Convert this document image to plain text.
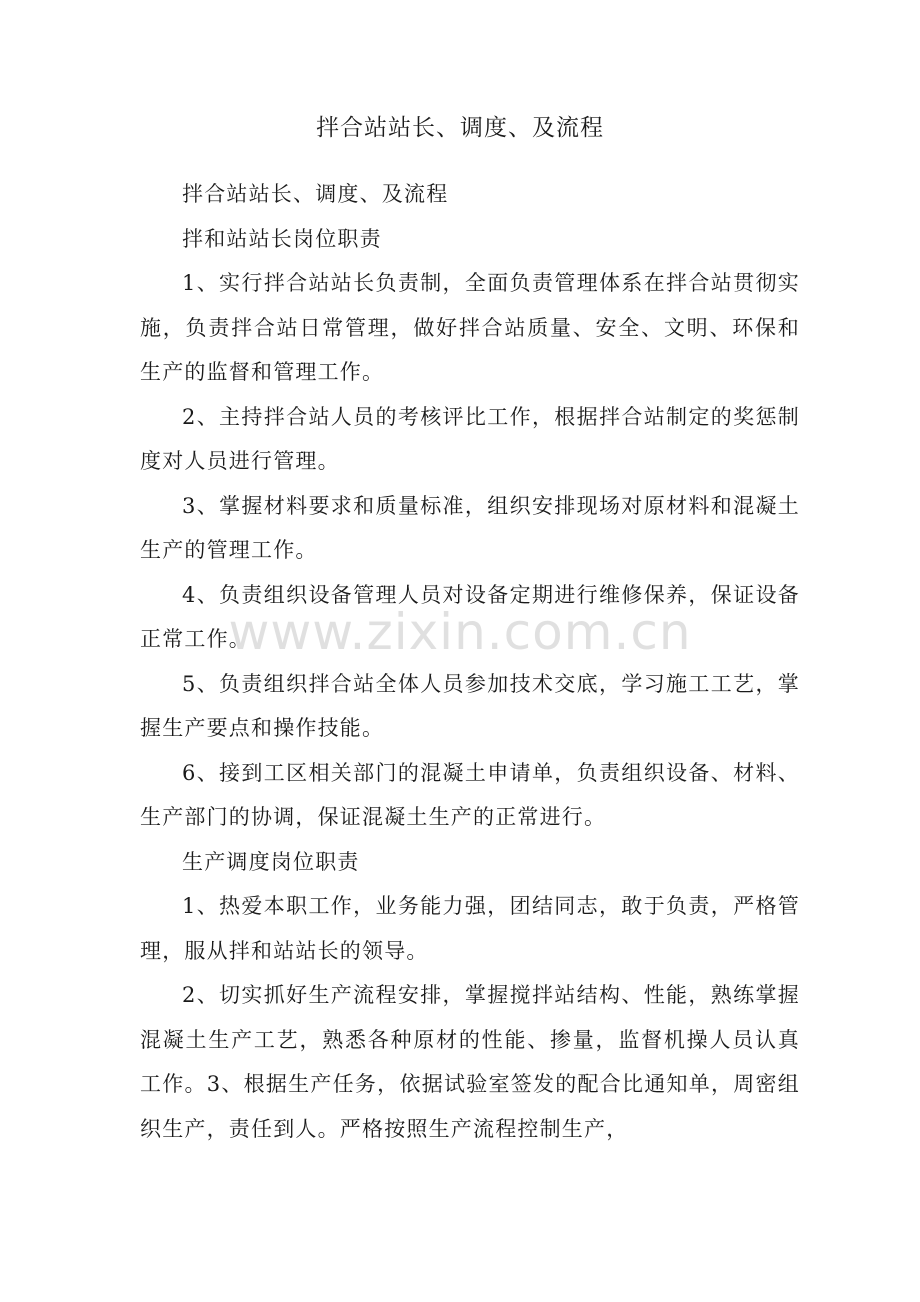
拌合站站长、调度、及流程

拌合站站长、调度、及流程

拌和站站长岗位职责

1、实行拌合站站长负责制，全面负责管理体系在拌合站贯彻实施，负责拌合站日常管理，做好拌合站质量、安全、文明、环保和生产的监督和管理工作。

2、主持拌合站人员的考核评比工作，根据拌合站制定的奖惩制度对人员进行管理。

3、掌握材料要求和质量标准，组织安排现场对原材料和混凝土生产的管理工作。

4、负责组织设备管理人员对设备定期进行维修保养，保证设备正常工作。

5、负责组织拌合站全体人员参加技术交底，学习施工工艺，掌握生产要点和操作技能。

6、接到工区相关部门的混凝土申请单，负责组织设备、材料、生产部门的协调，保证混凝土生产的正常进行。

生产调度岗位职责

1、热爱本职工作，业务能力强，团结同志，敢于负责，严格管理，服从拌和站站长的领导。

2、切实抓好生产流程安排，掌握搅拌站结构、性能，熟练掌握混凝土生产工艺，熟悉各种原材的性能、掺量，监督机操人员认真工作。3、根据生产任务，依据试验室签发的配合比通知单，周密组织生产，责任到人。严格按照生产流程控制生产，

www.zixin.com.cn
